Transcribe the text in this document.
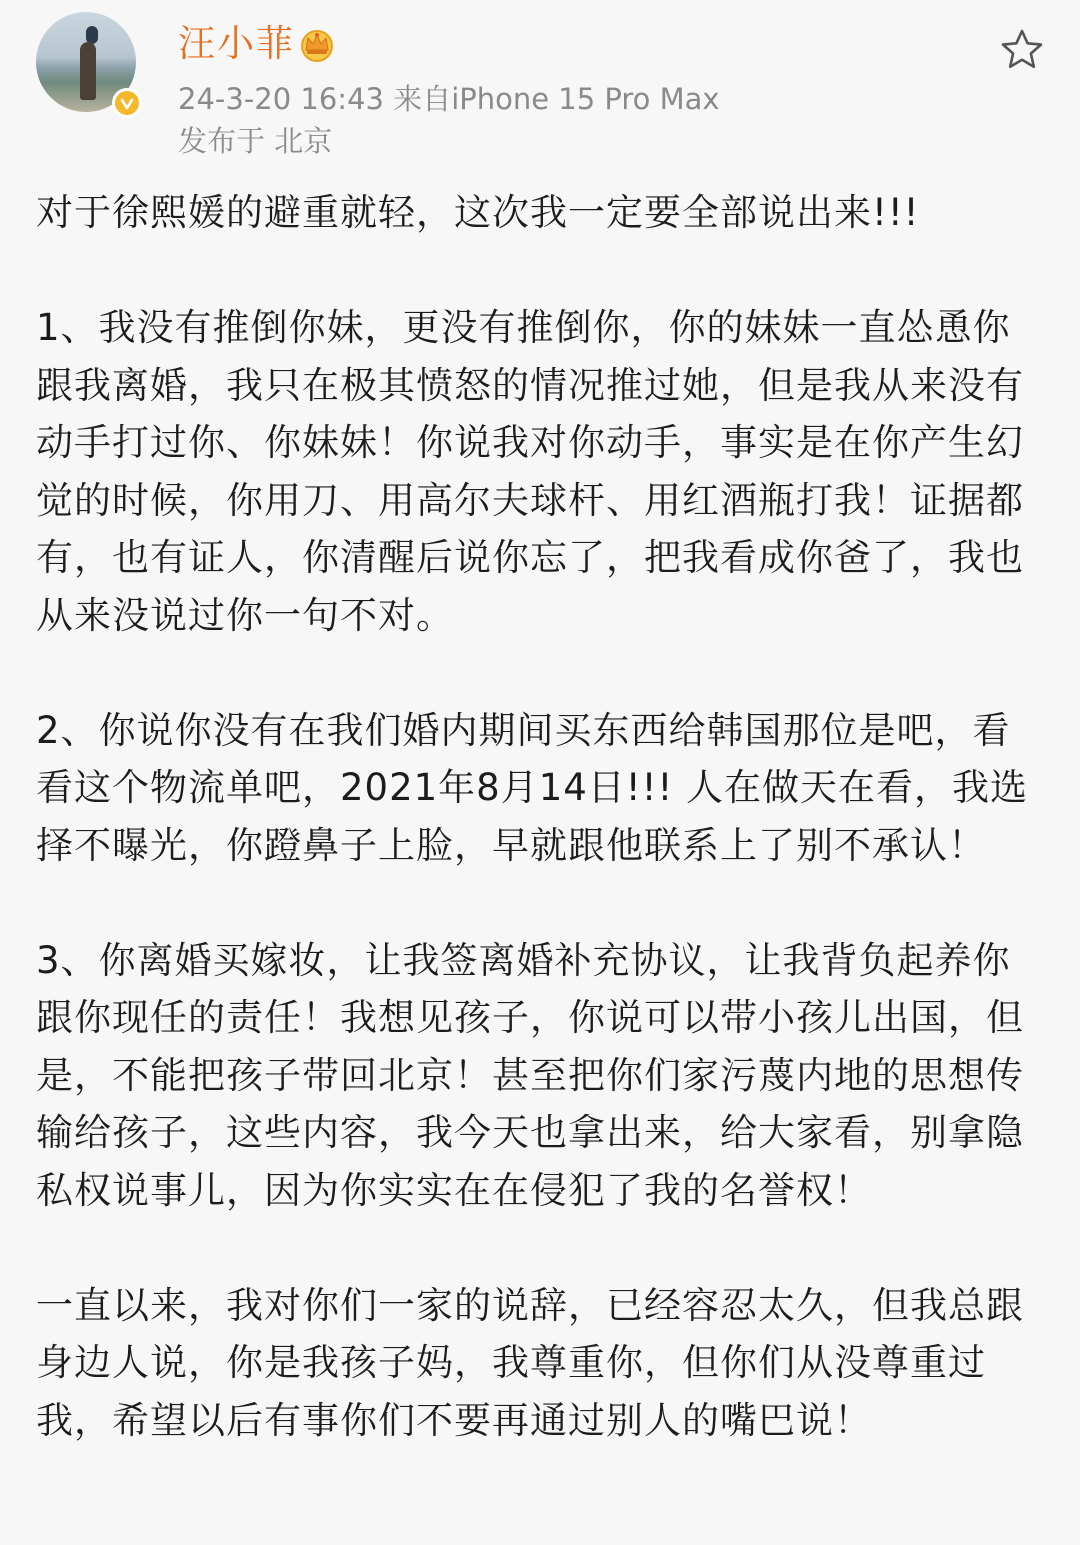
汪小菲
24-3-20 16:43 来自iPhone 15 Pro Max
发布于 北京

对于徐熙媛的避重就轻，这次我一定要全部说出来!!!

1、我没有推倒你妹，更没有推倒你，你的妹妹一直怂恿你跟我离婚，我只在极其愤怒的情况推过她，但是我从来没有动手打过你、你妹妹！你说我对你动手，事实是在你产生幻觉的时候，你用刀、用高尔夫球杆、用红酒瓶打我！证据都有，也有证人，你清醒后说你忘了，把我看成你爸了，我也从来没说过你一句不对。

2、你说你没有在我们婚内期间买东西给韩国那位是吧，看看这个物流单吧，2021年8月14日!!! 人在做天在看，我选择不曝光，你蹬鼻子上脸，早就跟他联系上了别不承认！

3、你离婚买嫁妆，让我签离婚补充协议，让我背负起养你跟你现任的责任！我想见孩子，你说可以带小孩儿出国，但是，不能把孩子带回北京！甚至把你们家污蔑内地的思想传输给孩子，这些内容，我今天也拿出来，给大家看，别拿隐私权说事儿，因为你实实在在侵犯了我的名誉权！

一直以来，我对你们一家的说辞，已经容忍太久，但我总跟身边人说，你是我孩子妈，我尊重你，但你们从没尊重过我，希望以后有事你们不要再通过别人的嘴巴说！
